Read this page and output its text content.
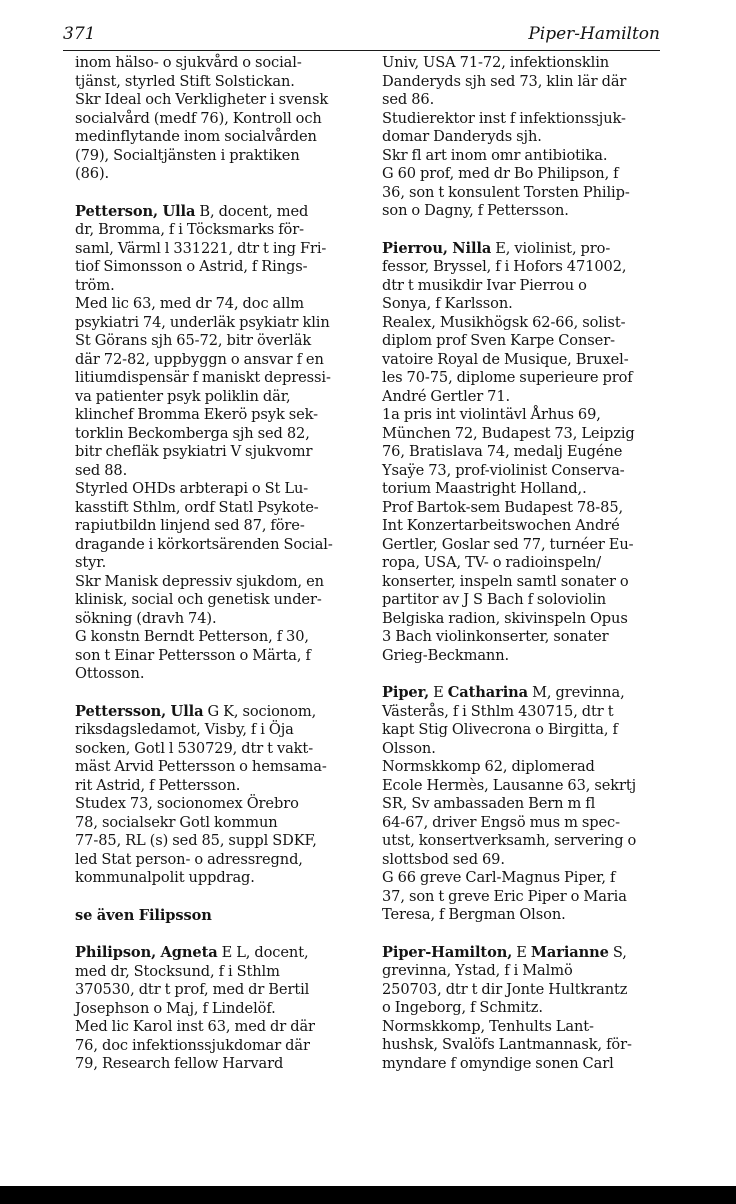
371	Piper-Hamilton
inom hälso- o sjukvård o social-
tjänst, styrled Stift Solstickan.
Skr Ideal och Verkligheter i svensk
socialvård (medf 76), Kontroll och
medinflytande inom socialvården
(79), Socialtjänsten i praktiken
(86).
Petterson, Ulla B, docent, med
dr, Bromma, f i Töcksmarks för-
saml, Värml l 331221, dtr t ing Fri-
tiof Simonsson o Astrid, f Rings-
tröm.
Med lic 63, med dr 74, doc allm
psykiatri 74, underläk psykiatr klin
St Görans sjh 65-72, bitr överläk
där 72-82, uppbyggn o ansvar f en
litiumdispensär f maniskt depressi-
va patienter psyk poliklin där,
klinchef Bromma Ekerö psyk sek-
torklin Beckomberga sjh sed 82,
bitr chefläk psykiatri V sjukvomr
sed 88.
Styrled OHDs arbterapi o St Lu-
kasstift Sthlm, ordf Statl Psykote-
rapiutbildn linjend sed 87, före-
dragande i körkortsärenden Social-
styr.
Skr Manisk depressiv sjukdom, en
klinisk, social och genetisk under-
sökning (dravh 74).
G konstn Berndt Petterson, f 30,
son t Einar Pettersson o Märta, f
Ottosson.
Pettersson, Ulla G K, socionom,
riksdagsledamot, Visby, f i Öja
socken, Gotl l 530729, dtr t vakt-
mäst Arvid Pettersson o hemsama-
rit Astrid, f Pettersson.
Studex 73, socionomex Örebro
78, socialsekr Gotl kommun
77-85, RL (s) sed 85, suppl SDKF,
led Stat person- o adressregnd,
kommunalpolit uppdrag.
se även Filipsson
Philipson, Agneta E L, docent,
med dr, Stocksund, f i Sthlm
370530, dtr t prof, med dr Bertil
Josephson o Maj, f Lindelöf.
Med lic Karol inst 63, med dr där
76, doc infektionssjukdomar där
79, Research fellow Harvard
Univ, USA 71-72, infektionsklin
Danderyds sjh sed 73, klin lär där
sed 86.
Studierektor inst f infektionssjuk-
domar Danderyds sjh.
Skr fl art inom omr antibiotika.
G 60 prof, med dr Bo Philipson, f
36, son t konsulent Torsten Philip-
son o Dagny, f Pettersson.
Pierrou, Nilla E, violinist, pro-
fessor, Bryssel, f i Hofors 471002,
dtr t musikdir Ivar Pierrou o
Sonya, f Karlsson.
Realex, Musikhögsk 62-66, solist-
diplom prof Sven Karpe Conser-
vatoire Royal de Musique, Bruxel-
les 70-75, diplome superieure prof
André Gertler 71.
1a pris int violintävl Århus 69,
München 72, Budapest 73, Leipzig
76, Bratislava 74, medalj Eugéne
Ysaÿe 73, prof-violinist Conserva-
torium Maastright Holland,.
Prof Bartok-sem Budapest 78-85,
Int Konzertarbeitswochen André
Gertler, Goslar sed 77, turnéer Eu-
ropa, USA, TV- o radioinspeln/
konserter, inspeln samtl sonater o
partitor av J S Bach f soloviolin
Belgiska radion, skivinspeln Opus
3 Bach violinkonserter, sonater
Grieg-Beckmann.
Piper, E Catharina M, grevinna,
Västerås, f i Sthlm 430715, dtr t
kapt Stig Olivecrona o Birgitta, f
Olsson.
Normskkomp 62, diplomerad
Ecole Hermès, Lausanne 63, sekrtj
SR, Sv ambassaden Bern m fl
64-67, driver Engsö mus m spec-
utst, konsertverksamh, servering o
slottsbod sed 69.
G 66 greve Carl-Magnus Piper, f
37, son t greve Eric Piper o Maria
Teresa, f Bergman Olson.
Piper-Hamilton, E Marianne S,
grevinna, Ystad, f i Malmö
250703, dtr t dir Jonte Hultkrantz
o Ingeborg, f Schmitz.
Normskkomp, Tenhults Lant-
hushsk, Svalöfs Lantmannask, för-
myndare f omyndige sonen Carl
